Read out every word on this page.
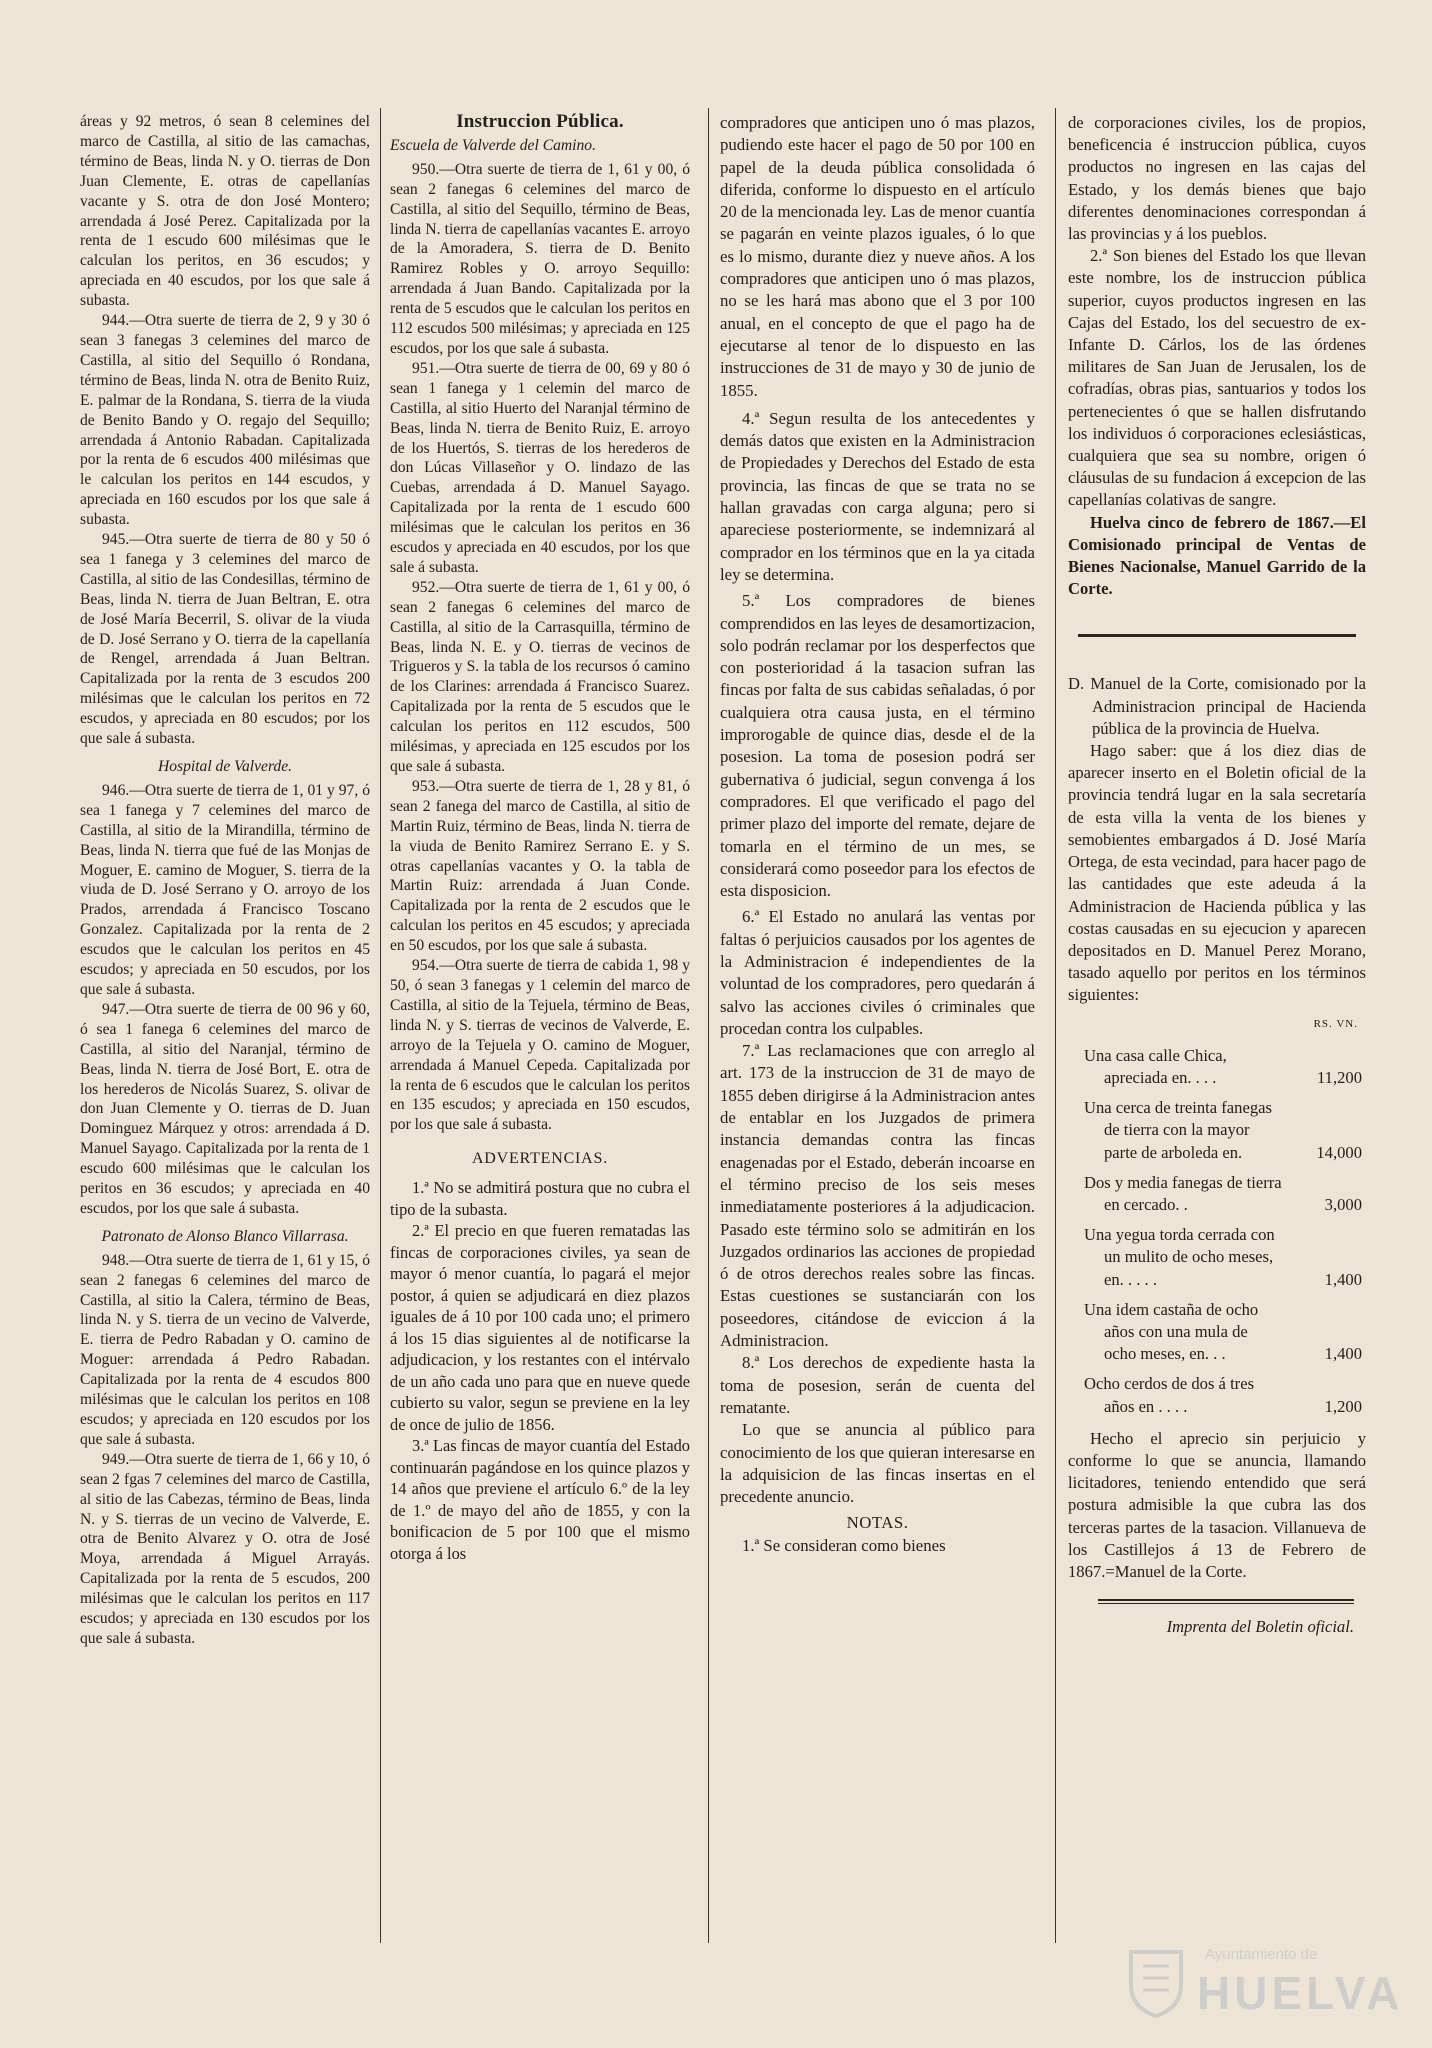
áreas y 92 metros, ó sean 8 celemines del marco de Castilla, al sitio de las camachas, término de Beas, linda N. y O. tierras de Don Juan Clemente, E. otras de capellanías vacante y S. otra de don José Montero; arrendada á José Perez. Capitalizada por la renta de 1 escudo 600 milésimas que le calculan los peritos, en 36 escudos; y apreciada en 40 escudos, por los que sale á subasta.

944.—Otra suerte de tierra de 2, 9 y 30 ó sean 3 fanegas 3 celemines del marco de Castilla, al sitio del Sequillo ó Rondana, término de Beas, linda N. otra de Benito Ruiz, E. palmar de la Rondana, S. tierra de la viuda de Benito Bando y O. regajo del Sequillo; arrendada á Antonio Rabadan. Capitalizada por la renta de 6 escudos 400 milésimas que le calculan los peritos en 144 escudos, y apreciada en 160 escudos por los que sale á subasta.

945.—Otra suerte de tierra de 80 y 50 ó sea 1 fanega y 3 celemines del marco de Castilla, al sitio de las Condesillas, término de Beas, linda N. tierra de Juan Beltran, E. otra de José María Becerril, S. olivar de la viuda de D. José Serrano y O. tierra de la capellanía de Rengel, arrendada á Juan Beltran. Capitalizada por la renta de 3 escudos 200 milésimas que le calculan los peritos en 72 escudos, y apreciada en 80 escudos; por los que sale á subasta.

Hospital de Valverde.

946.—Otra suerte de tierra de 1, 01 y 97, ó sea 1 fanega y 7 celemines del marco de Castilla, al sitio de la Mirandilla, término de Beas, linda N. tierra que fué de las Monjas de Moguer, E. camino de Moguer, S. tierra de la viuda de D. José Serrano y O. arroyo de los Prados, arrendada á Francisco Toscano Gonzalez. Capitalizada por la renta de 2 escudos que le calculan los peritos en 45 escudos; y apreciada en 50 escudos, por los que sale á subasta.

947.—Otra suerte de tierra de 00 96 y 60, ó sea 1 fanega 6 celemines del marco de Castilla, al sitio del Naranjal, término de Beas, linda N. tierra de José Bort, E. otra de los herederos de Nicolás Suarez, S. olivar de don Juan Clemente y O. tierras de D. Juan Dominguez Márquez y otros: arrendada á D. Manuel Sayago. Capitalizada por la renta de 1 escudo 600 milésimas que le calculan los peritos en 36 escudos; y apreciada en 40 escudos, por los que sale á subasta.

Patronato de Alonso Blanco Villarrasa.

948.—Otra suerte de tierra de 1, 61 y 15, ó sean 2 fanegas 6 celemines del marco de Castilla, al sitio la Calera, término de Beas, linda N. y S. tierra de un vecino de Valverde, E. tierra de Pedro Rabadan y O. camino de Moguer: arrendada á Pedro Rabadan. Capitalizada por la renta de 4 escudos 800 milésimas que le calculan los peritos en 108 escudos; y apreciada en 120 escudos por los que sale á subasta.

949.—Otra suerte de tierra de 1, 66 y 10, ó sean 2 fgas 7 celemines del marco de Castilla, al sitio de las Cabezas, término de Beas, linda N. y S. tierras de un vecino de Valverde, E. otra de Benito Alvarez y O. otra de José Moya, arrendada á Miguel Arrayás. Capitalizada por la renta de 5 escudos, 200 milésimas que le calculan los peritos en 117 escudos; y apreciada en 130 escudos por los que sale á subasta.

Instruccion Pública.

Escuela de Valverde del Camino.

950.—Otra suerte de tierra de 1, 61 y 00, ó sean 2 fanegas 6 celemines del marco de Castilla, al sitio del Sequillo, término de Beas, linda N. tierra de capellanías vacantes E. arroyo de la Amoradera, S. tierra de D. Benito Ramirez Robles y O. arroyo Sequillo: arrendada á Juan Bando. Capitalizada por la renta de 5 escudos que le calculan los peritos en 112 escudos 500 milésimas; y apreciada en 125 escudos, por los que sale á subasta.

951.—Otra suerte de tierra de 00, 69 y 80 ó sean 1 fanega y 1 celemin del marco de Castilla, al sitio Huerto del Naranjal término de Beas, linda N. tierra de Benito Ruiz, E. arroyo de los Huertós, S. tierras de los herederos de don Lúcas Villaseñor y O. lindazo de las Cuebas, arrendada á D. Manuel Sayago. Capitalizada por la renta de 1 escudo 600 milésimas que le calculan los peritos en 36 escudos y apreciada en 40 escudos, por los que sale á subasta.

952.—Otra suerte de tierra de 1, 61 y 00, ó sean 2 fanegas 6 celemines del marco de Castilla, al sitio de la Carrasquilla, término de Beas, linda N. E. y O. tierras de vecinos de Trigueros y S. la tabla de los recursos ó camino de los Clarines: arrendada á Francisco Suarez. Capitalizada por la renta de 5 escudos que le calculan los peritos en 112 escudos, 500 milésimas, y apreciada en 125 escudos por los que sale á subasta.

953.—Otra suerte de tierra de 1, 28 y 81, ó sean 2 fanega del marco de Castilla, al sitio de Martin Ruiz, término de Beas, linda N. tierra de la viuda de Benito Ramirez Serrano E. y S. otras capellanías vacantes y O. la tabla de Martin Ruiz: arrendada á Juan Conde. Capitalizada por la renta de 2 escudos que le calculan los peritos en 45 escudos; y apreciada en 50 escudos, por los que sale á subasta.

954.—Otra suerte de tierra de cabida 1, 98 y 50, ó sean 3 fanegas y 1 celemin del marco de Castilla, al sitio de la Tejuela, término de Beas, linda N. y S. tierras de vecinos de Valverde, E. arroyo de la Tejuela y O. camino de Moguer, arrendada á Manuel Cepeda. Capitalizada por la renta de 6 escudos que le calculan los peritos en 135 escudos; y apreciada en 150 escudos, por los que sale á subasta.

ADVERTENCIAS.

1.ª No se admitirá postura que no cubra el tipo de la subasta.

2.ª El precio en que fueren rematadas las fincas de corporaciones civiles, ya sean de mayor ó menor cuantía, lo pagará el mejor postor, á quien se adjudicará en diez plazos iguales de á 10 por 100 cada uno; el primero á los 15 dias siguientes al de notificarse la adjudicacion, y los restantes con el intérvalo de un año cada uno para que en nueve quede cubierto su valor, segun se previene en la ley de once de julio de 1856.

3.ª Las fincas de mayor cuantía del Estado continuarán pagándose en los quince plazos y 14 años que previene el artículo 6.º de la ley de 1.º de mayo del año de 1855, y con la bonificacion de 5 por 100 que el mismo otorga á los

compradores que anticipen uno ó mas plazos, pudiendo este hacer el pago de 50 por 100 en papel de la deuda pública consolidada ó diferida, conforme lo dispuesto en el artículo 20 de la mencionada ley. Las de menor cuantía se pagarán en veinte plazos iguales, ó lo que es lo mismo, durante diez y nueve años. A los compradores que anticipen uno ó mas plazos, no se les hará mas abono que el 3 por 100 anual, en el concepto de que el pago ha de ejecutarse al tenor de lo dispuesto en las instrucciones de 31 de mayo y 30 de junio de 1855.

4.ª Segun resulta de los antecedentes y demás datos que existen en la Administracion de Propiedades y Derechos del Estado de esta provincia, las fincas de que se trata no se hallan gravadas con carga alguna; pero si apareciese posteriormente, se indemnizará al comprador en los términos que en la ya citada ley se determina.

5.ª Los compradores de bienes comprendidos en las leyes de desamortizacion, solo podrán reclamar por los desperfectos que con posterioridad á la tasacion sufran las fincas por falta de sus cabidas señaladas, ó por cualquiera otra causa justa, en el término improrogable de quince dias, desde el de la posesion. La toma de posesion podrá ser gubernativa ó judicial, segun convenga á los compradores. El que verificado el pago del primer plazo del importe del remate, dejare de tomarla en el término de un mes, se considerará como poseedor para los efectos de esta disposicion.

6.ª El Estado no anulará las ventas por faltas ó perjuicios causados por los agentes de la Administracion é independientes de la voluntad de los compradores, pero quedarán á salvo las acciones civiles ó criminales que procedan contra los culpables.

7.ª Las reclamaciones que con arreglo al art. 173 de la instruccion de 31 de mayo de 1855 deben dirigirse á la Administracion antes de entablar en los Juzgados de primera instancia demandas contra las fincas enagenadas por el Estado, deberán incoarse en el término preciso de los seis meses inmediatamente posteriores á la adjudicacion. Pasado este término solo se admitirán en los Juzgados ordinarios las acciones de propiedad ó de otros derechos reales sobre las fincas. Estas cuestiones se sustanciarán con los poseedores, citándose de eviccion á la Administracion.

8.ª Los derechos de expediente hasta la toma de posesion, serán de cuenta del rematante.

Lo que se anuncia al público para conocimiento de los que quieran interesarse en la adquisicion de las fincas insertas en el precedente anuncio.

NOTAS.

1.ª Se consideran como bienes

de corporaciones civiles, los de propios, beneficencia é instruccion pública, cuyos productos no ingresen en las cajas del Estado, y los demás bienes que bajo diferentes denominaciones correspondan á las provincias y á los pueblos.

2.ª Son bienes del Estado los que llevan este nombre, los de instruccion pública superior, cuyos productos ingresen en las Cajas del Estado, los del secuestro de ex-Infante D. Cárlos, los de las órdenes militares de San Juan de Jerusalen, los de cofradías, obras pias, santuarios y todos los pertenecientes ó que se hallen disfrutando los individuos ó corporaciones eclesiásticas, cualquiera que sea su nombre, origen ó cláusulas de su fundacion á excepcion de las capellanías colativas de sangre.

Huelva cinco de febrero de 1867.—El Comisionado principal de Ventas de Bienes Nacionalse, Manuel Garrido de la Corte.

D. Manuel de la Corte, comisionado por la Administracion principal de Hacienda pública de la provincia de Huelva.

Hago saber: que á los diez dias de aparecer inserto en el Boletin oficial de la provincia tendrá lugar en la sala secretaría de esta villa la venta de los bienes y semobientes embargados á D. José María Ortega, de esta vecindad, para hacer pago de las cantidades que este adeuda á la Administracion de Hacienda pública y las costas causadas en su ejecucion y aparecen depositados en D. Manuel Perez Morano, tasado aquello por peritos en los términos siguientes:

RS. VN.

Una casa calle Chica, apreciada en. . . .	11,200
Una cerca de treinta fanegas de tierra con la mayor parte de arboleda en.	14,000
Dos y media fanegas de tierra en cercado. .	3,000
Una yegua torda cerrada con un mulito de ocho meses, en. . . . .	1,400
Una idem castaña de ocho años con una mula de ocho meses, en. . .	1,400
Ocho cerdos de dos á tres años en . . . .	1,200

Hecho el aprecio sin perjuicio y conforme lo que se anuncia, llamando licitadores, teniendo entendido que será postura admisible la que cubra las dos terceras partes de la tasacion. Villanueva de los Castillejos á 13 de Febrero de 1867.=Manuel de la Corte.

Imprenta del Boletin oficial.

Ayuntamiento de
HUELVA
